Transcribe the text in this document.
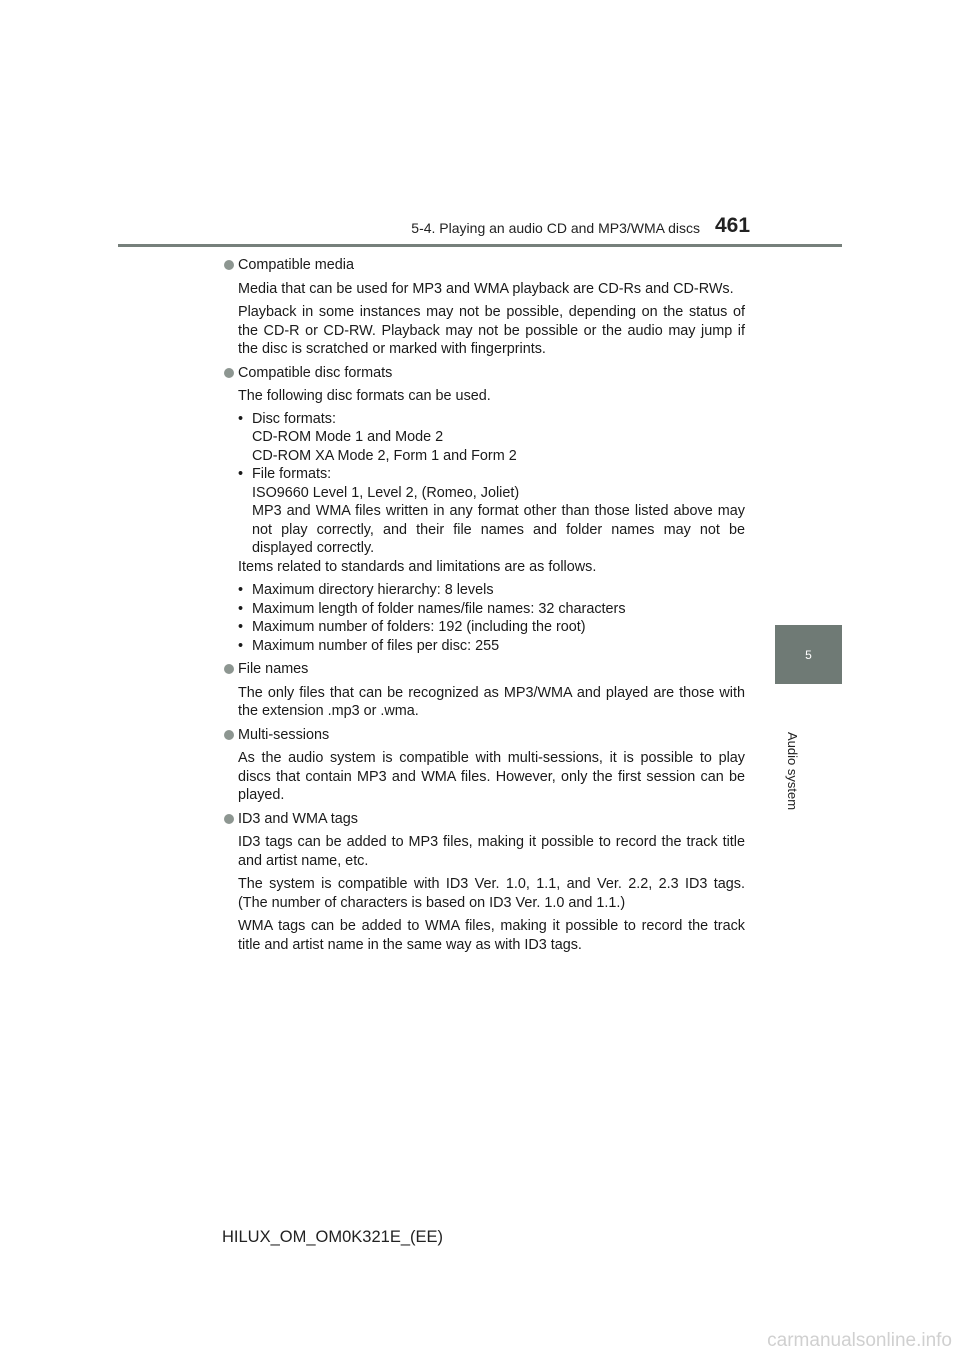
5-4. Playing an audio CD and MP3/WMA discs 461
5
Audio system
Compatible media
Media that can be used for MP3 and WMA playback are CD-Rs and CD-RWs.
Playback in some instances may not be possible, depending on the status of the CD-R or CD-RW. Playback may not be possible or the audio may jump if the disc is scratched or marked with fingerprints.
Compatible disc formats
The following disc formats can be used.
• Disc formats:
CD-ROM Mode 1 and Mode 2
CD-ROM XA Mode 2, Form 1 and Form 2
• File formats:
ISO9660 Level 1, Level 2, (Romeo, Joliet)
MP3 and WMA files written in any format other than those listed above may not play correctly, and their file names and folder names may not be displayed correctly.
Items related to standards and limitations are as follows.
• Maximum directory hierarchy: 8 levels
• Maximum length of folder names/file names: 32 characters
• Maximum number of folders: 192 (including the root)
• Maximum number of files per disc: 255
File names
The only files that can be recognized as MP3/WMA and played are those with the extension .mp3 or .wma.
Multi-sessions
As the audio system is compatible with multi-sessions, it is possible to play discs that contain MP3 and WMA files. However, only the first session can be played.
ID3 and WMA tags
ID3 tags can be added to MP3 files, making it possible to record the track title and artist name, etc.
The system is compatible with ID3 Ver. 1.0, 1.1, and Ver. 2.2, 2.3 ID3 tags. (The number of characters is based on ID3 Ver. 1.0 and 1.1.)
WMA tags can be added to WMA files, making it possible to record the track title and artist name in the same way as with ID3 tags.
HILUX_OM_OM0K321E_(EE)
carmanualsonline.info
